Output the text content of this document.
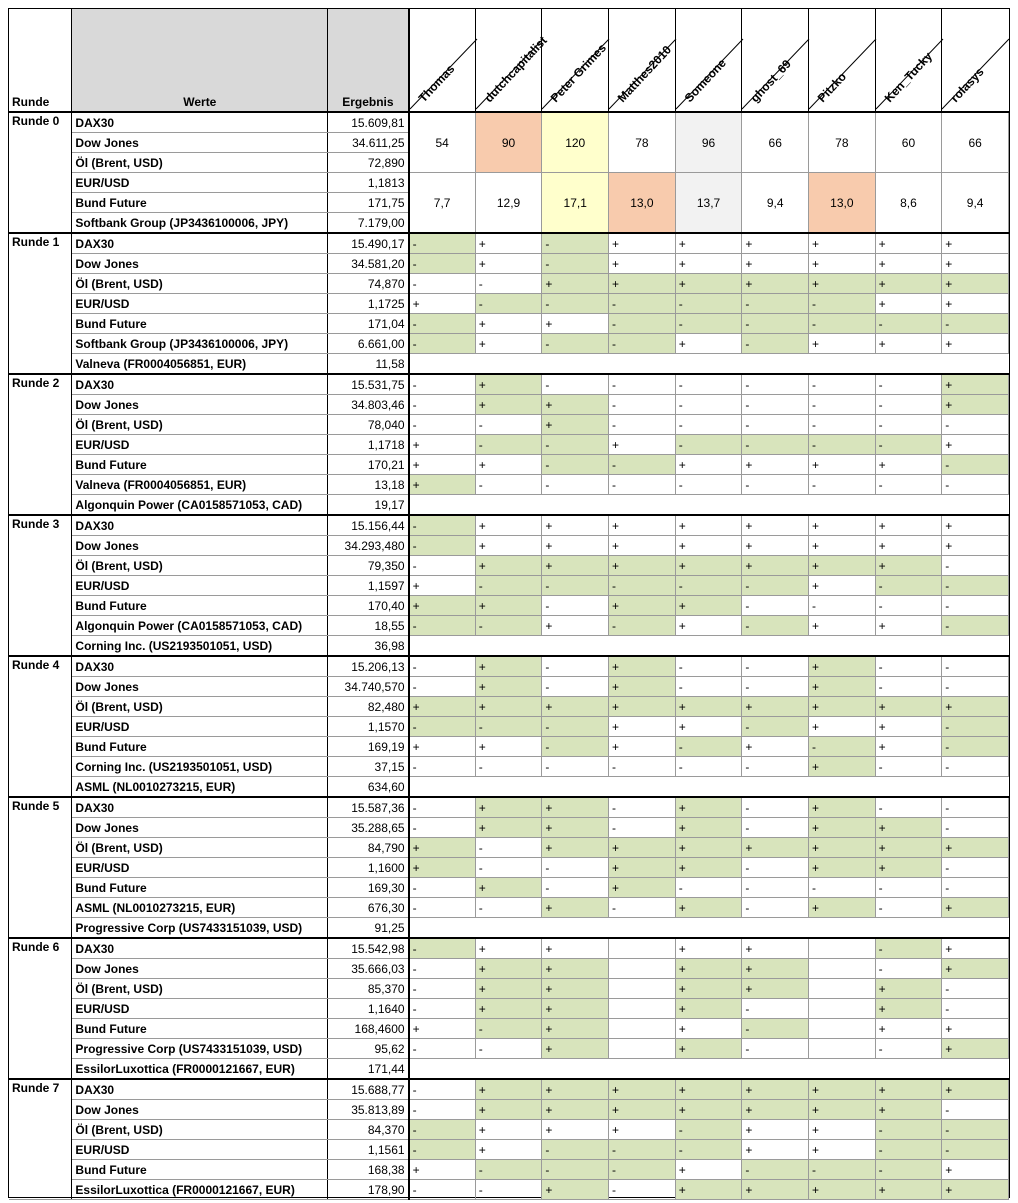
Runde	Werte	Ergebnis	Thomas	dutchcapitalist	Peter Grimes	Matthes2010	Someone	ghost_69	Pitzko	Ken_Tucky	rolasys

Runde 0	DAX30	15.609,81	54	90	120	78	96	66	78	60	66
	Dow Jones	34.611,25									
	Öl (Brent, USD)	72,890									
	EUR/USD	1,1813	7,7	12,9	17,1	13,0	13,7	9,4	13,0	8,6	9,4
	Bund Future	171,75									
	Softbank Group (JP3436100006, JPY)	7.179,00									
Runde 1	DAX30	15.490,17	-	+	-	+	+	+	+	+	+
	Dow Jones	34.581,20	-	+	-	+	+	+	+	+	+
	Öl (Brent, USD)	74,870	-	-	+	+	+	+	+	+	+
	EUR/USD	1,1725	+	-	-	-	-	-	-	+	+
	Bund Future	171,04	-	+	+	-	-	-	-	-	-
	Softbank Group (JP3436100006, JPY)	6.661,00	-	+	-	-	+	-	+	+	+
	Valneva (FR0004056851, EUR)	11,58									
Runde 2	DAX30	15.531,75	-	+	-	-	-	-	-	-	+
	Dow Jones	34.803,46	-	+	+	-	-	-	-	-	+
	Öl (Brent, USD)	78,040	-	-	+	-	-	-	-	-	-
	EUR/USD	1,1718	+	-	-	+	-	-	-	-	+
	Bund Future	170,21	+	+	-	-	+	+	+	+	-
	Valneva (FR0004056851, EUR)	13,18	+	-	-	-	-	-	-	-	-
	Algonquin Power (CA0158571053, CAD)	19,17									
Runde 3	DAX30	15.156,44	-	+	+	+	+	+	+	+	+
	Dow Jones	34.293,480	-	+	+	+	+	+	+	+	+
	Öl (Brent, USD)	79,350	-	+	+	+	+	+	+	+	-
	EUR/USD	1,1597	+	-	-	-	-	-	+	-	-
	Bund Future	170,40	+	+	-	+	+	-	-	-	-
	Algonquin Power (CA0158571053, CAD)	18,55	-	-	+	-	+	-	+	+	-
	Corning Inc. (US2193501051, USD)	36,98									
Runde 4	DAX30	15.206,13	-	+	-	+	-	-	+	-	-
	Dow Jones	34.740,570	-	+	-	+	-	-	+	-	-
	Öl (Brent, USD)	82,480	+	+	+	+	+	+	+	+	+
	EUR/USD	1,1570	-	-	-	+	+	-	+	+	-
	Bund Future	169,19	+	+	-	+	-	+	-	+	-
	Corning Inc. (US2193501051, USD)	37,15	-	-	-	-	-	-	+	-	-
	ASML (NL0010273215, EUR)	634,60									
Runde 5	DAX30	15.587,36	-	+	+	-	+	-	+	-	-
	Dow Jones	35.288,65	-	+	+	-	+	-	+	+	-
	Öl (Brent, USD)	84,790	+	-	+	+	+	+	+	+	+
	EUR/USD	1,1600	+	-	-	+	+	-	+	+	-
	Bund Future	169,30	-	+	-	+	-	-	-	-	-
	ASML (NL0010273215, EUR)	676,30	-	-	+	-	+	-	+	-	+
	Progressive Corp (US7433151039, USD)	91,25									
Runde 6	DAX30	15.542,98	-	+	+		+	+		-	+
	Dow Jones	35.666,03	-	+	+		+	+		-	+
	Öl (Brent, USD)	85,370	-	+	+		+	+		+	-
	EUR/USD	1,1640	-	+	+		+	-		+	-
	Bund Future	168,4600	+	-	+		+	-		+	+
	Progressive Corp (US7433151039, USD)	95,62	-	-	+		+	-		-	+
	EssilorLuxottica (FR0000121667, EUR)	171,44									
Runde 7	DAX30	15.688,77	-	+	+	+	+	+	+	+	+
	Dow Jones	35.813,89	-	+	+	+	+	+	+	+	-
	Öl (Brent, USD)	84,370	-	+	+	+	-	+	+	-	-
	EUR/USD	1,1561	-	+	-	-	-	+	+	-	-
	Bund Future	168,38	+	-	-	-	+	-	-	-	+
	EssilorLuxottica (FR0000121667, EUR)	178,90	-	-	+	-	+	+	+	+	+
